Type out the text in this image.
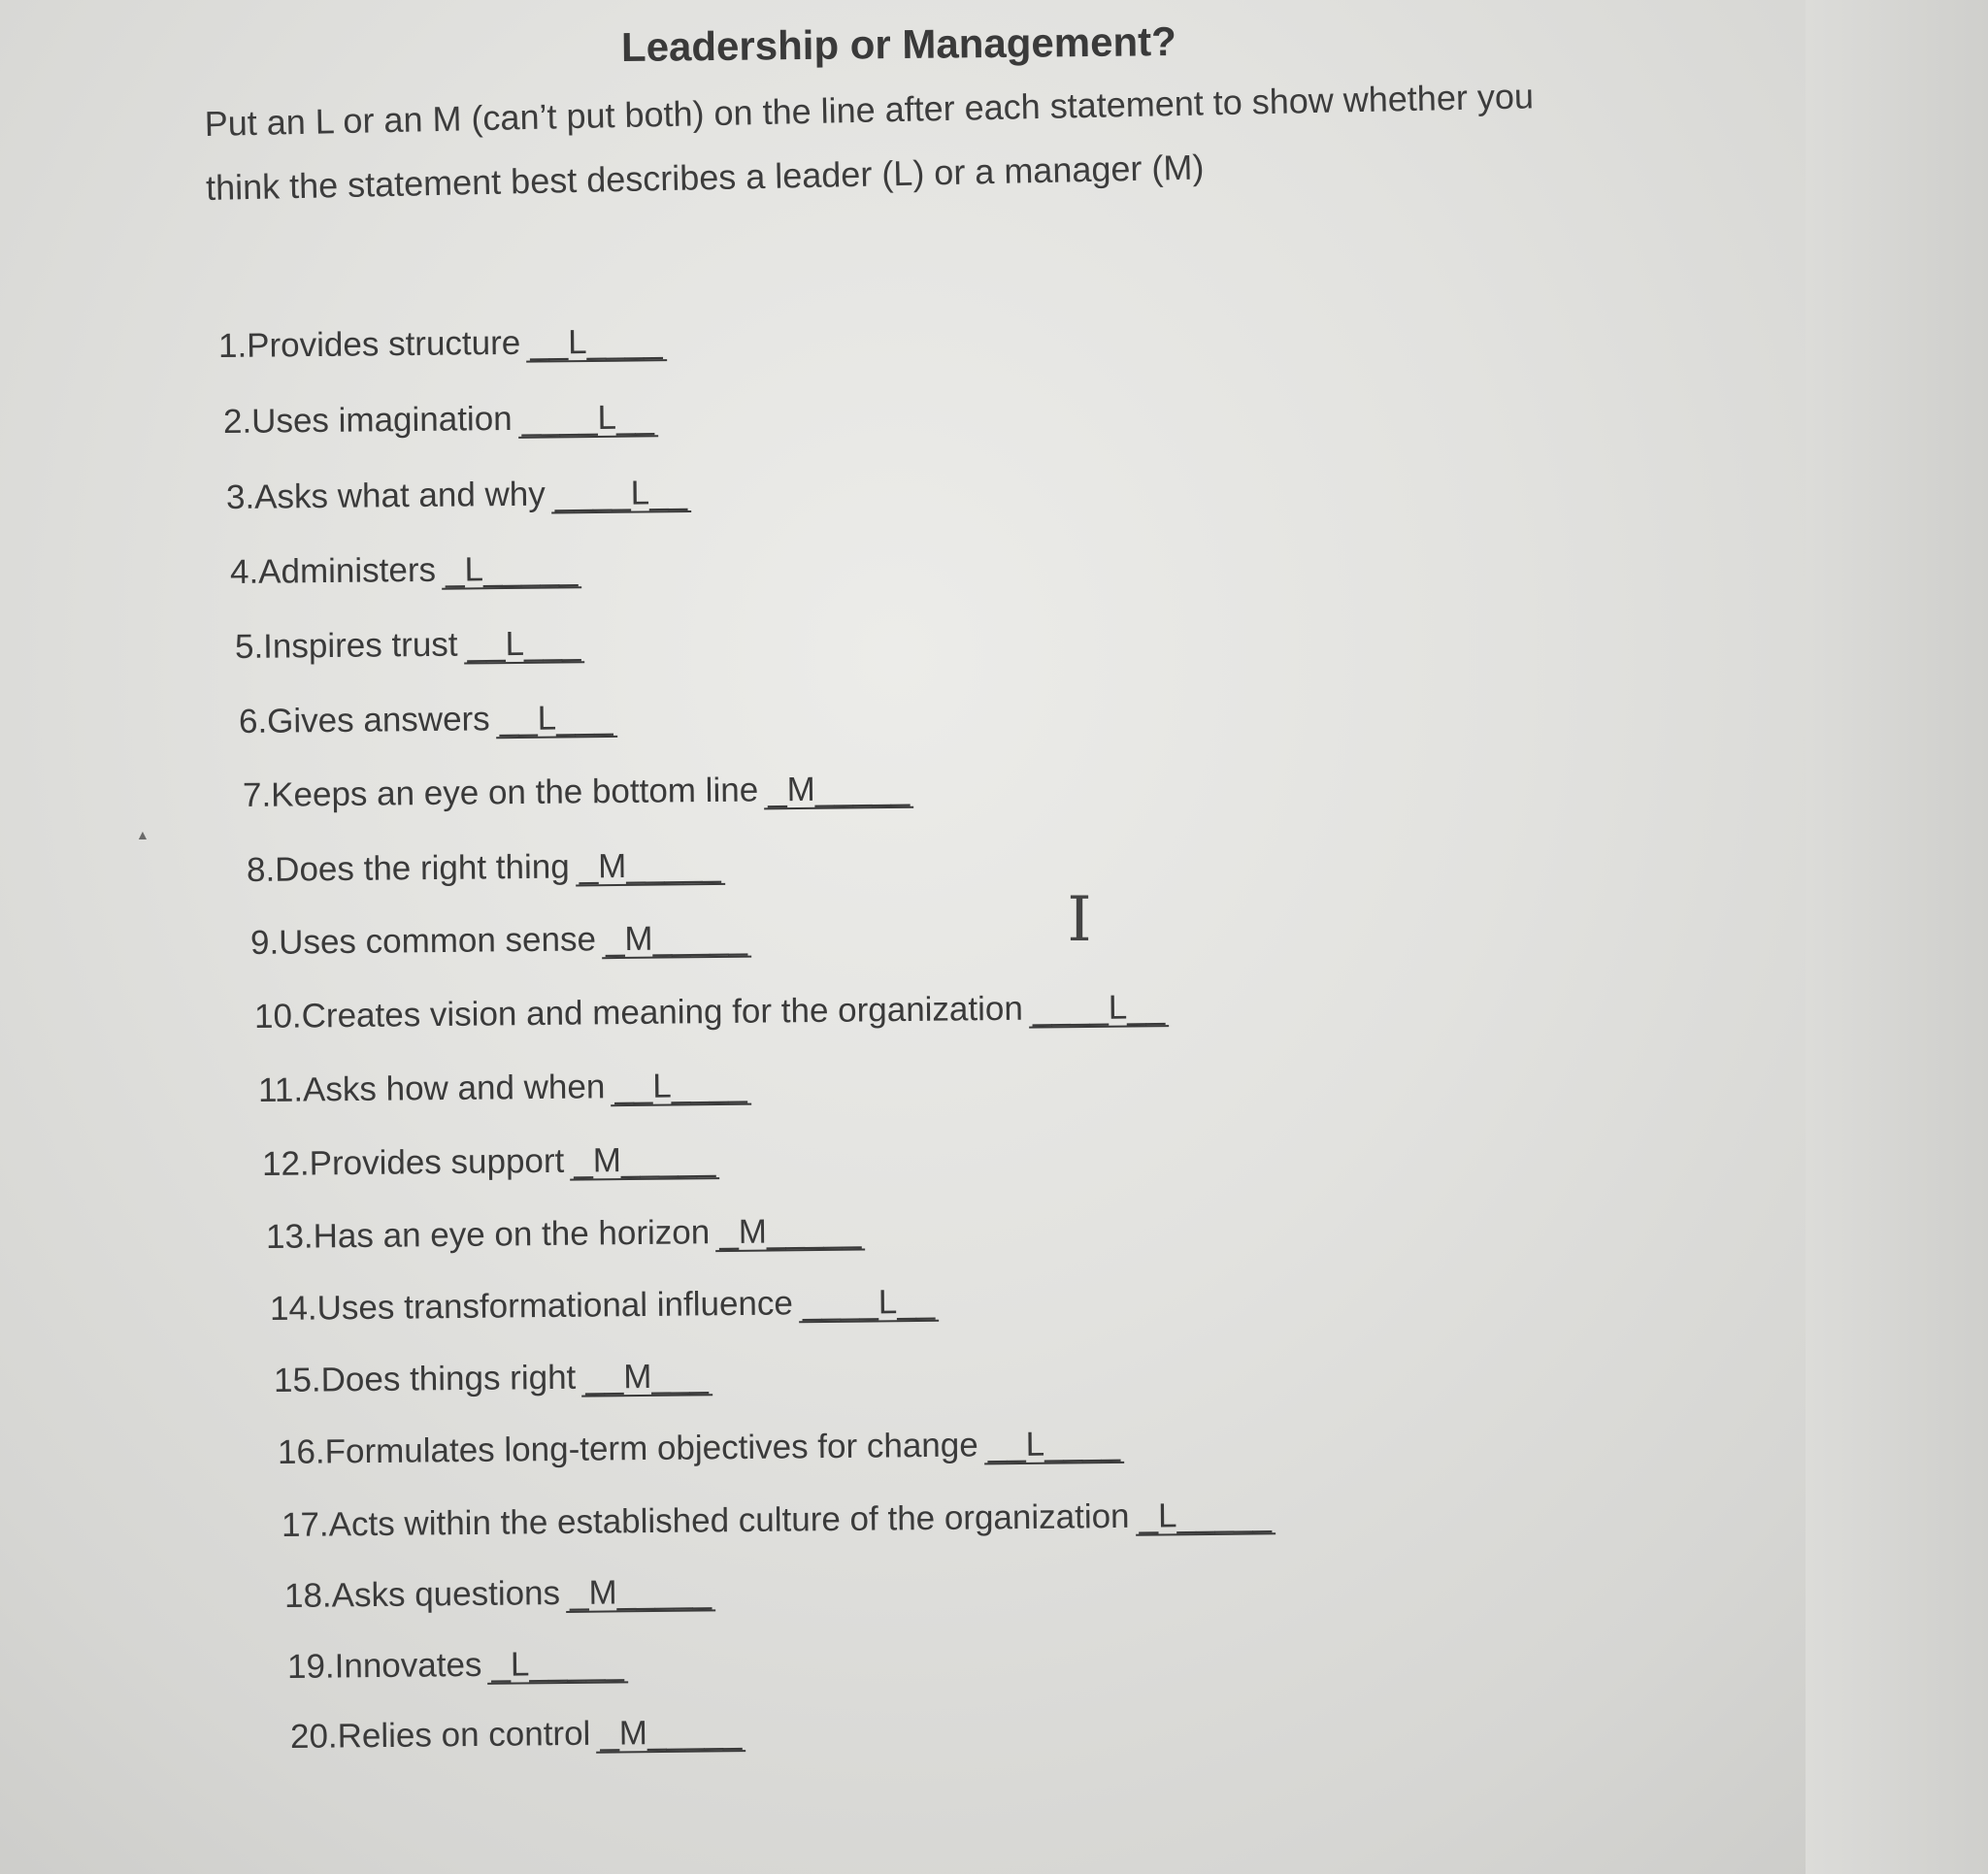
Leadership or Management?
Put an L or an M (can’t put both) on the line after each statement to show whether you think the statement best describes a leader (L) or a manager (M)
1.Provides structure __L____
2.Uses imagination ____L__
3.Asks what and why ____L__
4.Administers _L_____
5.Inspires trust __L___
6.Gives answers __L___
7.Keeps an eye on the bottom line _M_____
8.Does the right thing _M_____
9.Uses common sense _M_____
10.Creates vision and meaning for the organization ____L__
11.Asks how and when __L____
12.Provides support _M_____
13.Has an eye on the horizon _M_____
14.Uses transformational influence ____L__
15.Does things right __M___
16.Formulates long-term objectives for change __L____
17.Acts within the established culture of the organization _L_____
18.Asks questions _M_____
19.Innovates _L_____
20.Relies on control _M_____
▲
I
